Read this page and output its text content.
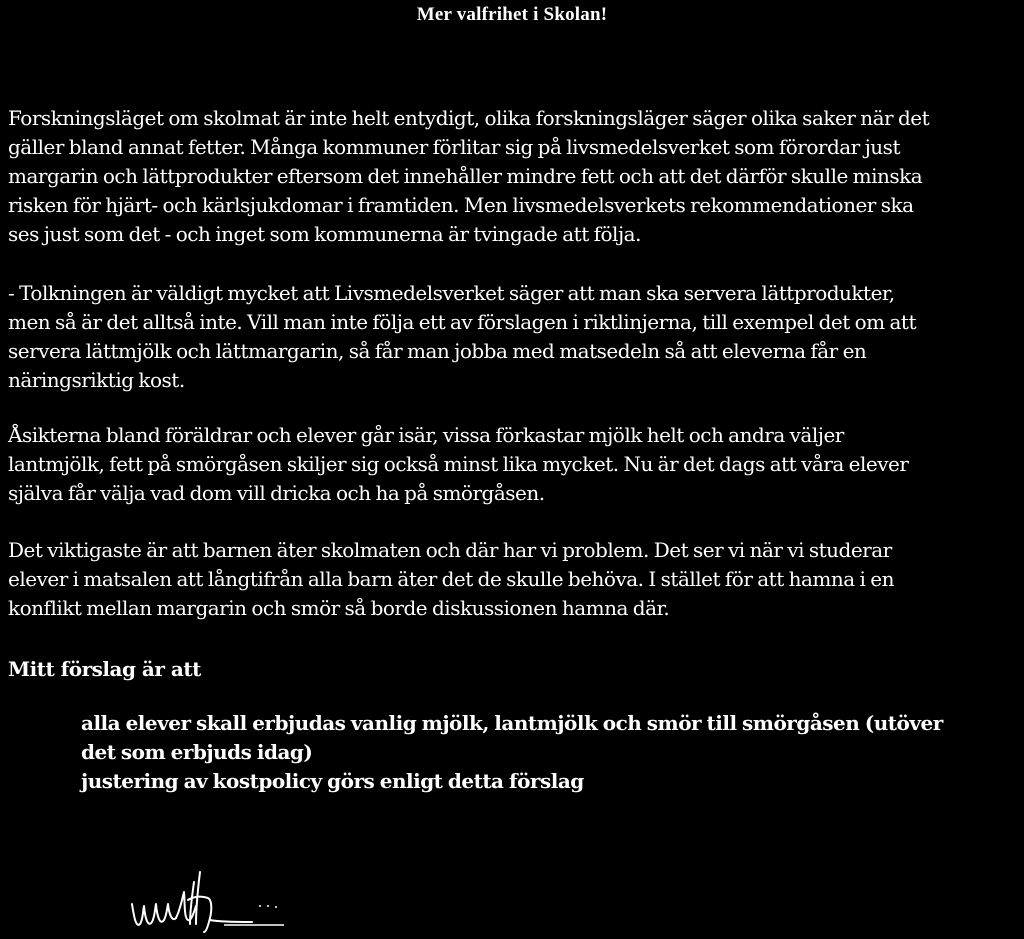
Mer valfrihet i Skolan!

Forskningsläget om skolmat är inte helt entydigt, olika forskningsläger säger olika saker när det
gäller bland annat fetter. Många kommuner förlitar sig på livsmedelsverket som förordar just
margarin och lättprodukter eftersom det innehåller mindre fett och att det därför skulle minska
risken för hjärt- och kärlsjukdomar i framtiden. Men livsmedelsverkets rekommendationer ska
ses just som det - och inget som kommunerna är tvingade att följa.

- Tolkningen är väldigt mycket att Livsmedelsverket säger att man ska servera lättprodukter,
men så är det alltså inte. Vill man inte följa ett av förslagen i riktlinjerna, till exempel det om att
servera lättmjölk och lättmargarin, så får man jobba med matsedeln så att eleverna får en
näringsriktig kost.

Åsikterna bland föräldrar och elever går isär, vissa förkastar mjölk helt och andra väljer
lantmjölk, fett på smörgåsen skiljer sig också minst lika mycket. Nu är det dags att våra elever
själva får välja vad dom vill dricka och ha på smörgåsen.

Det viktigaste är att barnen äter skolmaten och där har vi problem. Det ser vi när vi studerar
elever i matsalen att långtifrån alla barn äter det de skulle behöva. I stället för att hamna i en
konflikt mellan margarin och smör så borde diskussionen hamna där.

Mitt förslag är att
alla elever skall erbjudas vanlig mjölk, lantmjölk och smör till smörgåsen (utöver
det som erbjuds idag)
justering av kostpolicy görs enligt detta förslag
